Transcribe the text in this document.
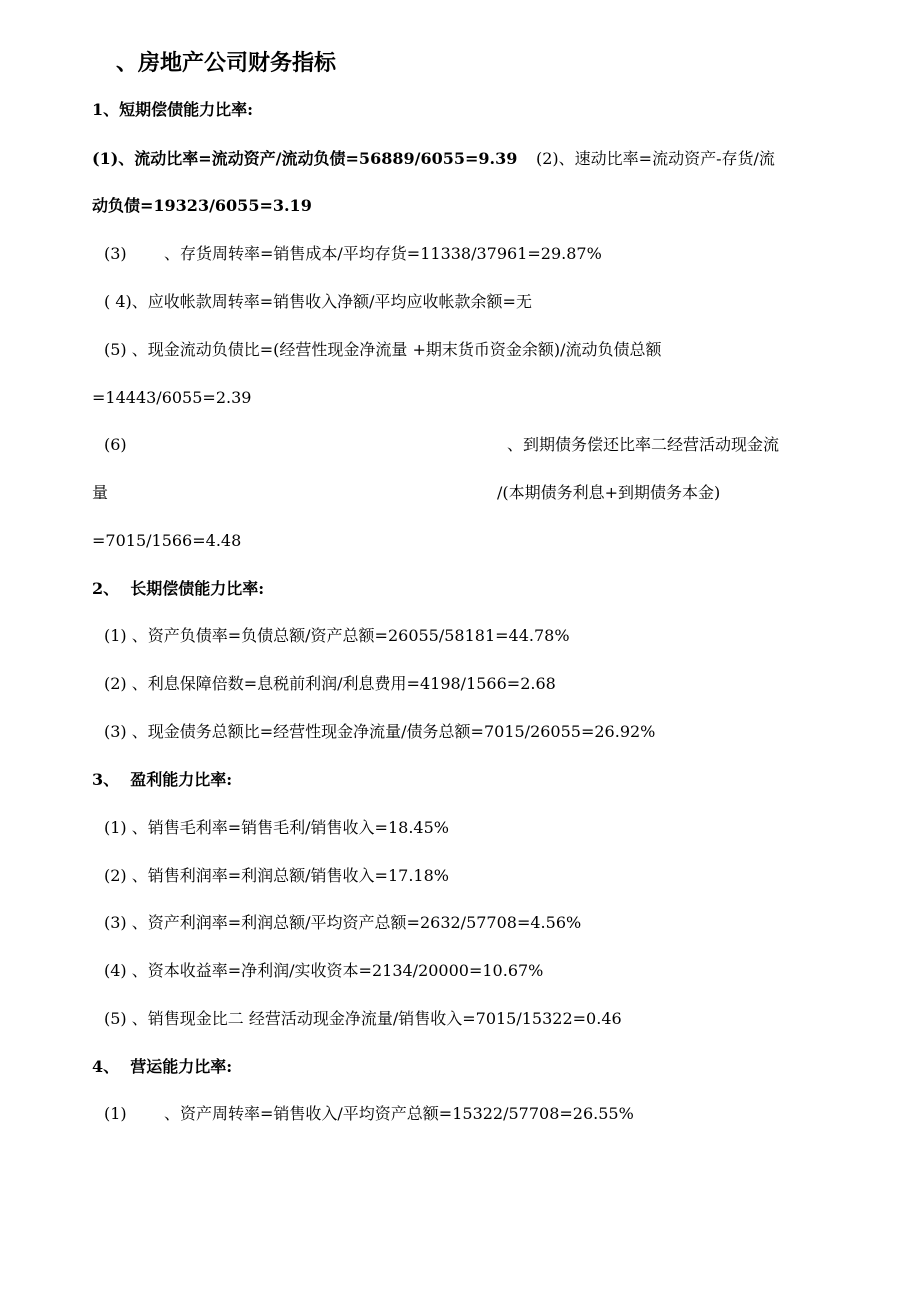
、房地产公司财务指标
1、短期偿债能力比率:
(1)、流动比率=流动资产/流动负债=56889/6055=9.39 (2)、速动比率=流动资产-存货/流
动负债=19323/6055=3.19
(3) 、存货周转率=销售成本/平均存货=11338/37961=29.87%
( 4)、应收帐款周转率=销售收入净额/平均应收帐款余额=无
(5) 、现金流动负债比=(经营性现金净流量 +期末货币资金余额)/流动负债总额
=14443/6055=2.39
(6)	、到期债务偿还比率二经营活动现金流
量	/(本期债务利息+到期债务本金)
=7015/1566=4.48
2、  长期偿债能力比率:
(1) 、资产负债率=负债总额/资产总额=26055/58181=44.78%
(2) 、利息保障倍数=息税前利润/利息费用=4198/1566=2.68
(3) 、现金债务总额比=经营性现金净流量/债务总额=7015/26055=26.92%
3、  盈利能力比率:
(1) 、销售毛利率=销售毛利/销售收入=18.45%
(2) 、销售利润率=利润总额/销售收入=17.18%
(3) 、资产利润率=利润总额/平均资产总额=2632/57708=4.56%
(4) 、资本收益率=净利润/实收资本=2134/20000=10.67%
(5) 、销售现金比二 经营活动现金净流量/销售收入=7015/15322=0.46
4、  营运能力比率:
(1) 、资产周转率=销售收入/平均资产总额=15322/57708=26.55%
